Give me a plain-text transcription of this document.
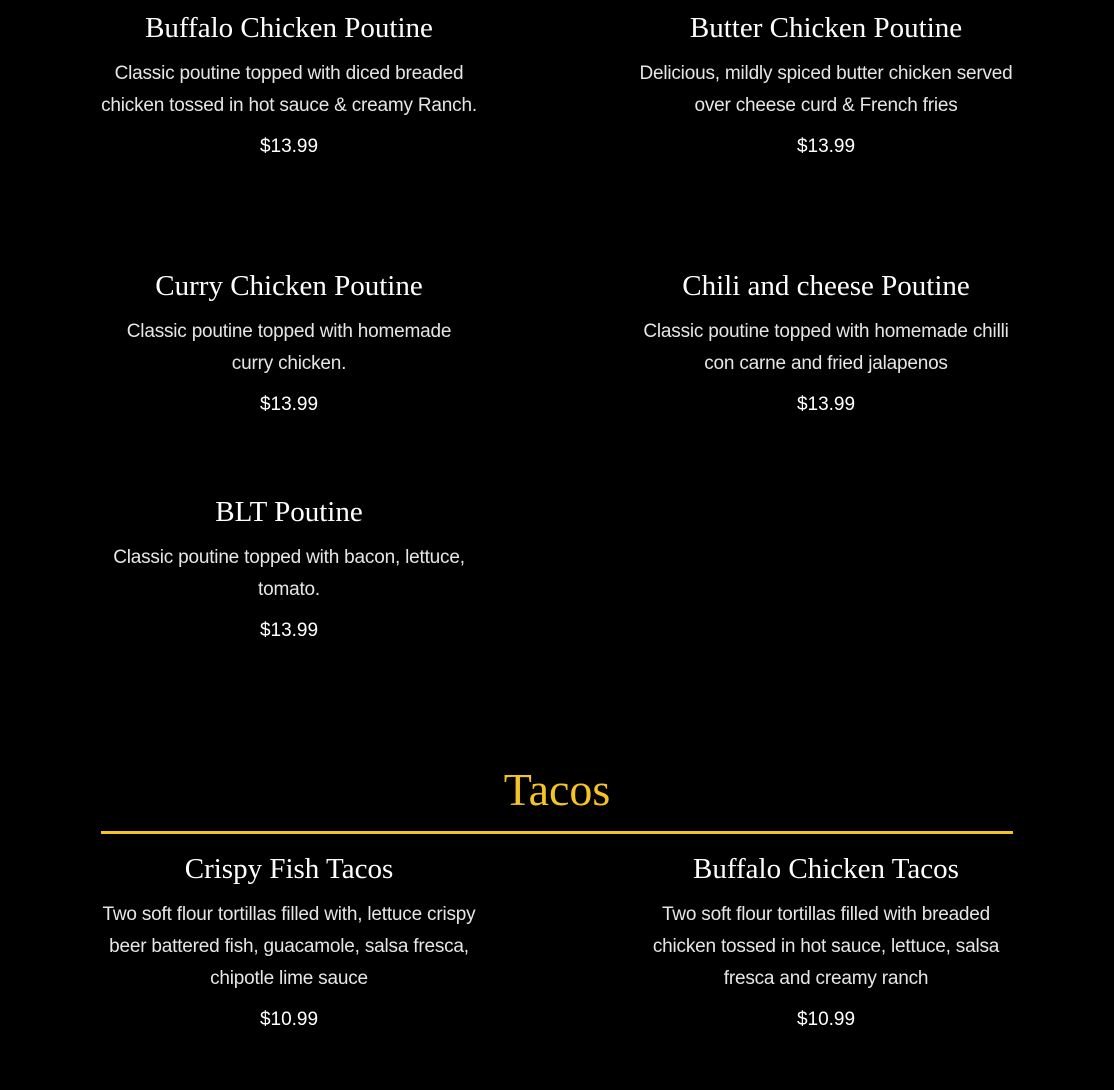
Buffalo Chicken Poutine
Classic poutine topped with diced breaded chicken tossed in hot sauce & creamy Ranch.
$13.99
Butter Chicken Poutine
Delicious, mildly spiced butter chicken served over cheese curd & French fries
$13.99
Curry Chicken Poutine
Classic poutine topped with homemade curry chicken.
$13.99
Chili and cheese Poutine
Classic poutine topped with homemade chilli con carne and fried jalapenos
$13.99
BLT Poutine
Classic poutine topped with bacon, lettuce, tomato.
$13.99
Tacos
Crispy Fish Tacos
Two soft flour tortillas filled with, lettuce crispy beer battered fish, guacamole, salsa fresca, chipotle lime sauce
$10.99
Buffalo Chicken Tacos
Two soft flour tortillas filled with breaded chicken tossed in hot sauce, lettuce, salsa fresca and creamy ranch
$10.99
